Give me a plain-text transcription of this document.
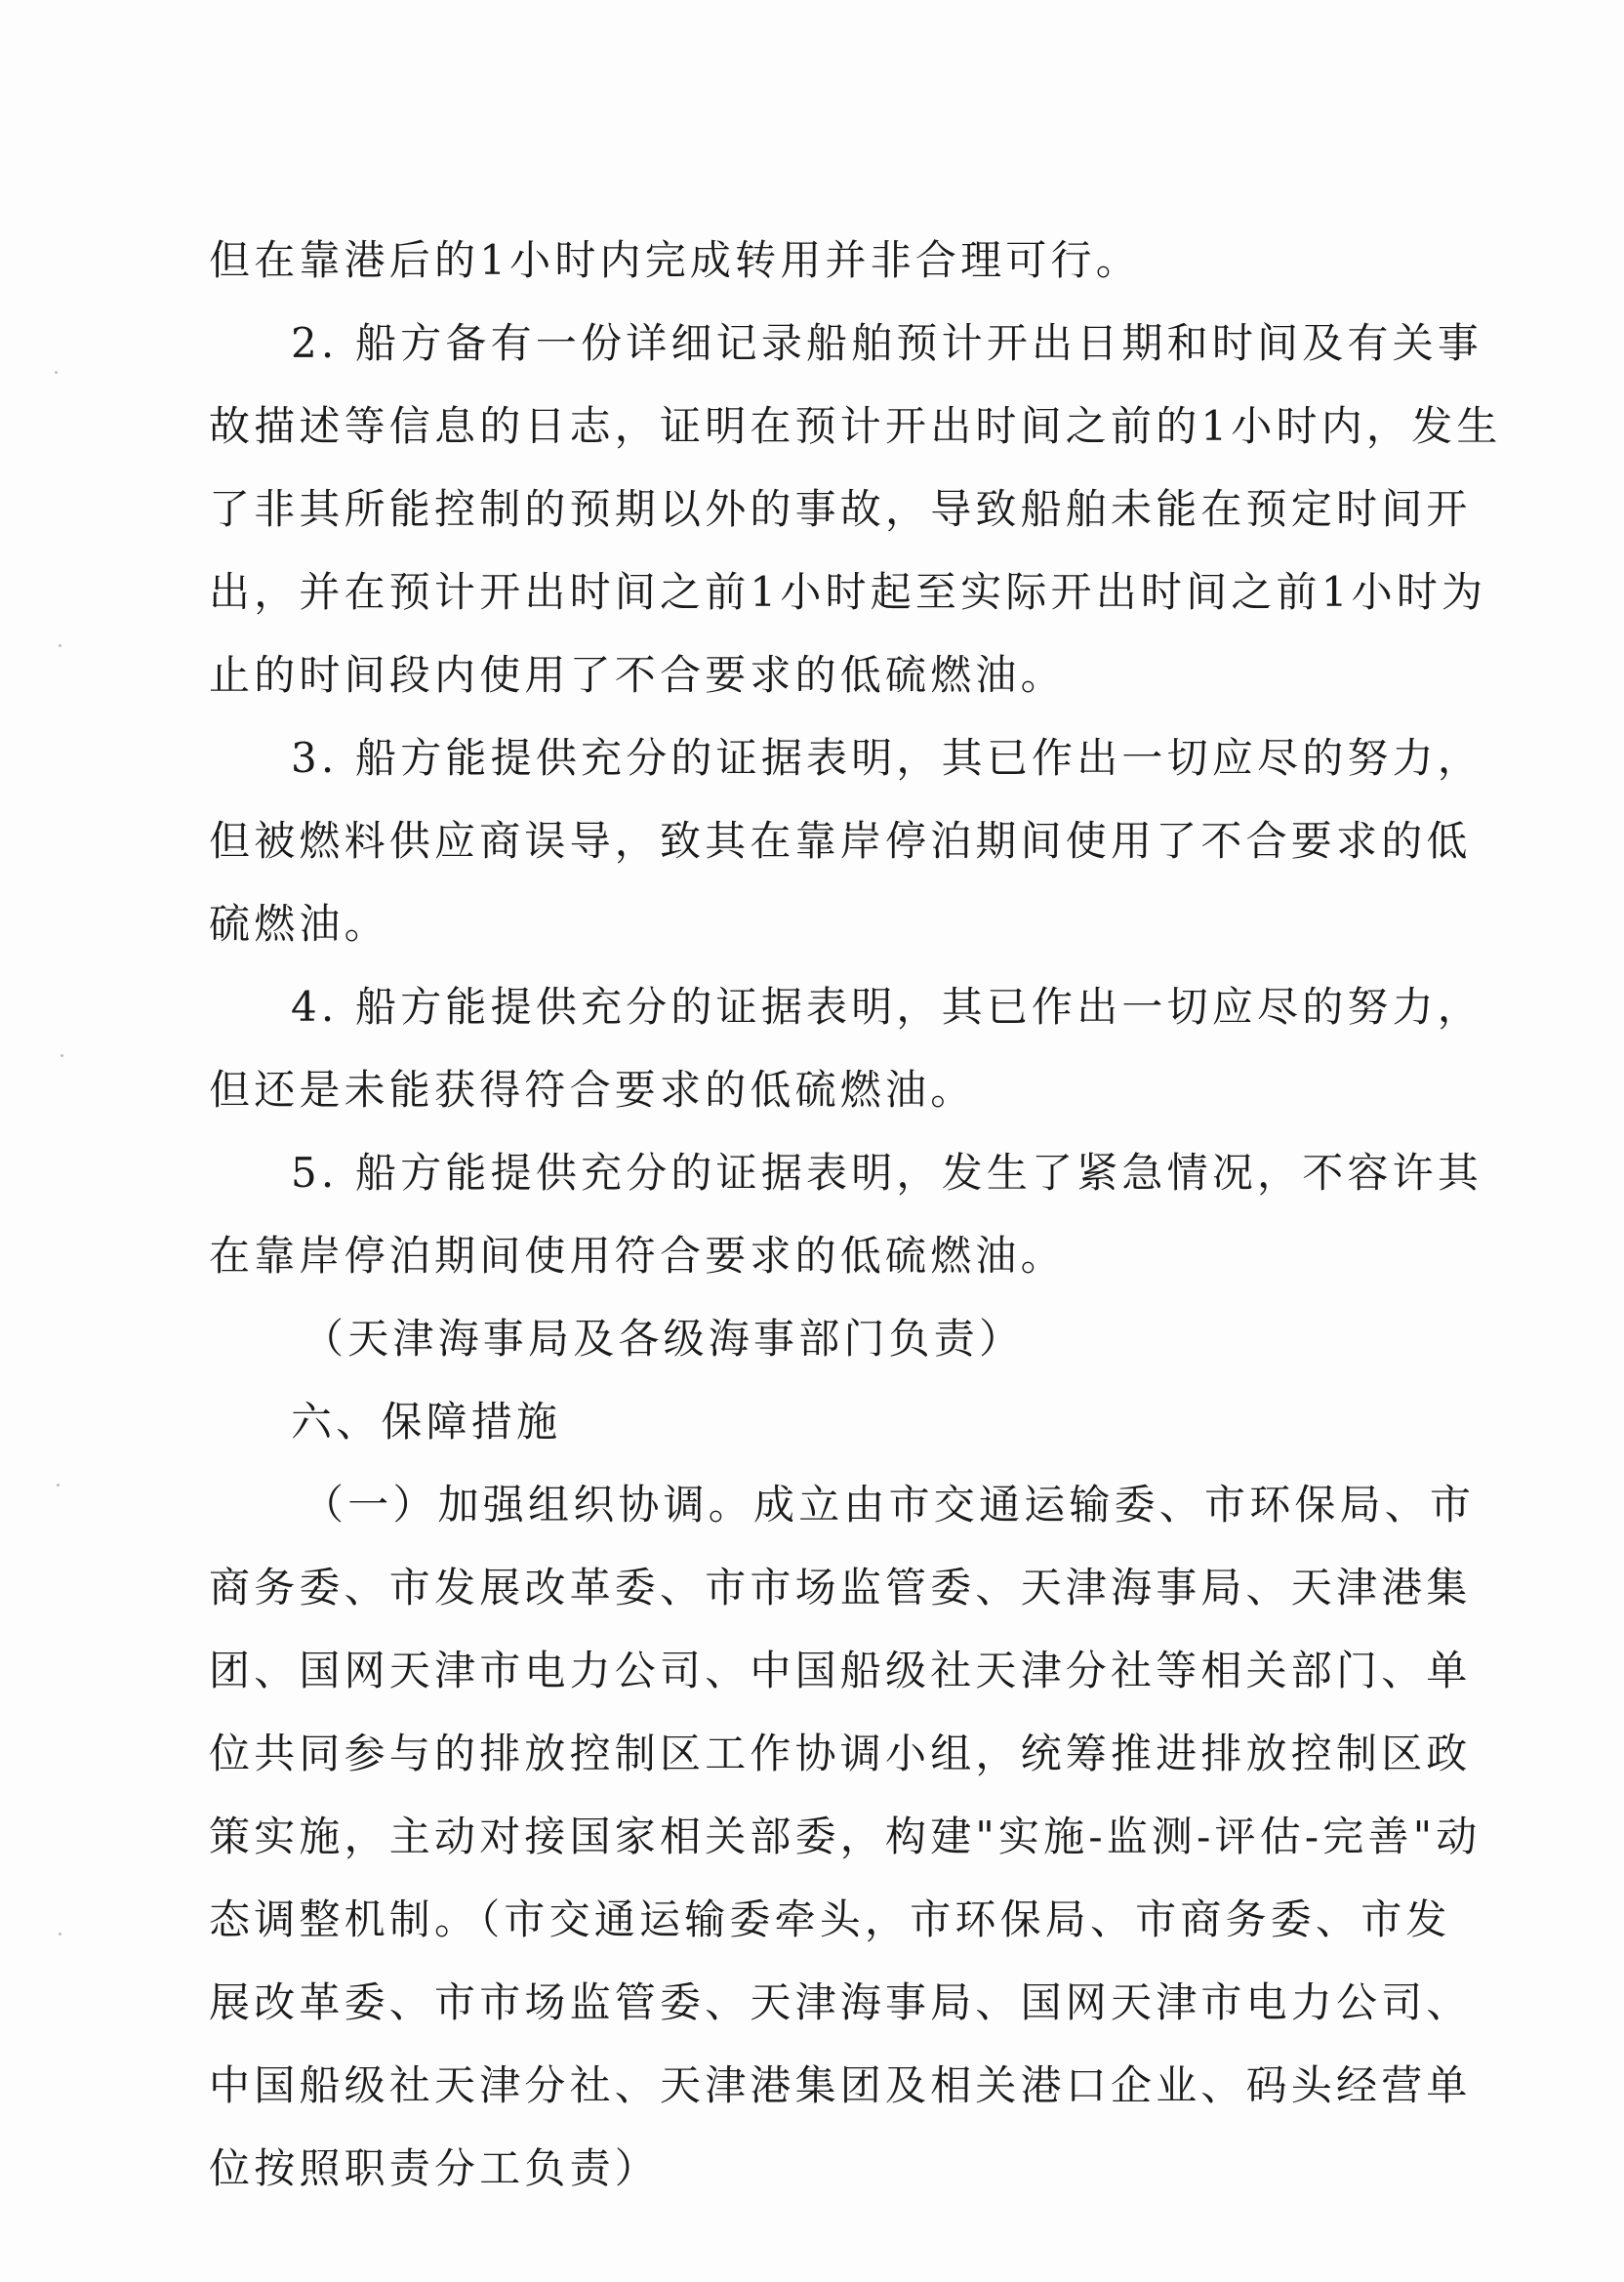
但在靠港后的1小时内完成转用并非合理可行。
2. 船方备有一份详细记录船舶预计开出日期和时间及有关事
故描述等信息的日志，证明在预计开出时间之前的1小时内，发生
了非其所能控制的预期以外的事故，导致船舶未能在预定时间开
出，并在预计开出时间之前1小时起至实际开出时间之前1小时为
止的时间段内使用了不合要求的低硫燃油。
3. 船方能提供充分的证据表明，其已作出一切应尽的努力，
但被燃料供应商误导，致其在靠岸停泊期间使用了不合要求的低
硫燃油。
4. 船方能提供充分的证据表明，其已作出一切应尽的努力，
但还是未能获得符合要求的低硫燃油。
5. 船方能提供充分的证据表明，发生了紧急情况，不容许其
在靠岸停泊期间使用符合要求的低硫燃油。
（天津海事局及各级海事部门负责）
六、保障措施
（一）加强组织协调。成立由市交通运输委、市环保局、市
商务委、市发展改革委、市市场监管委、天津海事局、天津港集
团、国网天津市电力公司、中国船级社天津分社等相关部门、单
位共同参与的排放控制区工作协调小组，统筹推进排放控制区政
策实施，主动对接国家相关部委，构建"实施-监测-评估-完善"动
态调整机制。（市交通运输委牵头，市环保局、市商务委、市发
展改革委、市市场监管委、天津海事局、国网天津市电力公司、
中国船级社天津分社、天津港集团及相关港口企业、码头经营单
位按照职责分工负责）
